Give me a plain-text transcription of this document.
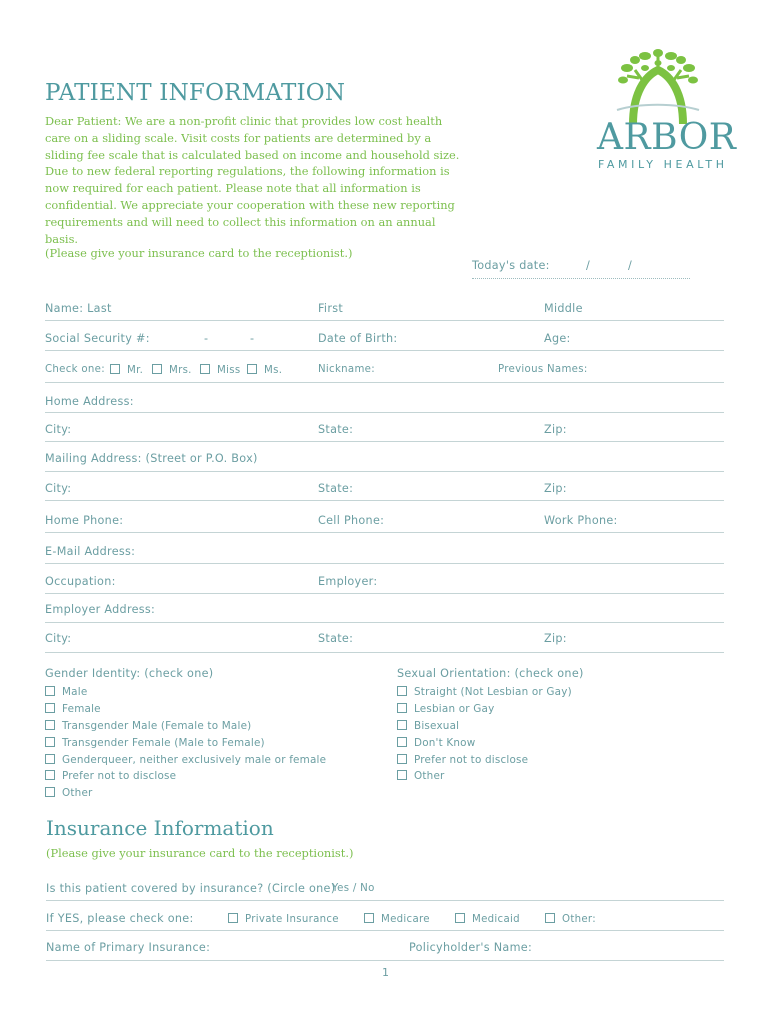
PATIENT INFORMATION
Dear Patient: We are a non-profit clinic that provides low cost health care on a sliding scale. Visit costs for patients are determined by a sliding fee scale that is calculated based on income and household size. Due to new federal reporting regulations, the following information is now required for each patient. Please note that all information is confidential. We appreciate your cooperation with these new reporting requirements and will need to collect this information on an annual basis.
(Please give your insurance card to the receptionist.)
Today's date:	/	/
ARBOR
FAMILY HEALTH
Name: Last	First	Middle
Social Security #:	-	-	Date of Birth:	Age:
Check one:	Mr.	Mrs.	Miss	Ms.	Nickname:	Previous Names:
Home Address:
City:	State:	Zip:
Mailing Address: (Street or P.O. Box)
City:	State:	Zip:
Home Phone:	Cell Phone:	Work Phone:
E-Mail Address:
Occupation:	Employer:
Employer Address:
City:	State:	Zip:
Gender Identity: (check one)
Male
Female
Transgender Male (Female to Male)
Transgender Female (Male to Female)
Genderqueer, neither exclusively male or female
Prefer not to disclose
Other
Sexual Orientation: (check one)
Straight (Not Lesbian or Gay)
Lesbian or Gay
Bisexual
Don't Know
Prefer not to disclose
Other
Insurance Information
(Please give your insurance card to the receptionist.)
Is this patient covered by insurance? (Circle one)
Yes / No
If YES, please check one:	Private Insurance	Medicare	Medicaid	Other:
Name of Primary Insurance:	Policyholder's Name:
1
